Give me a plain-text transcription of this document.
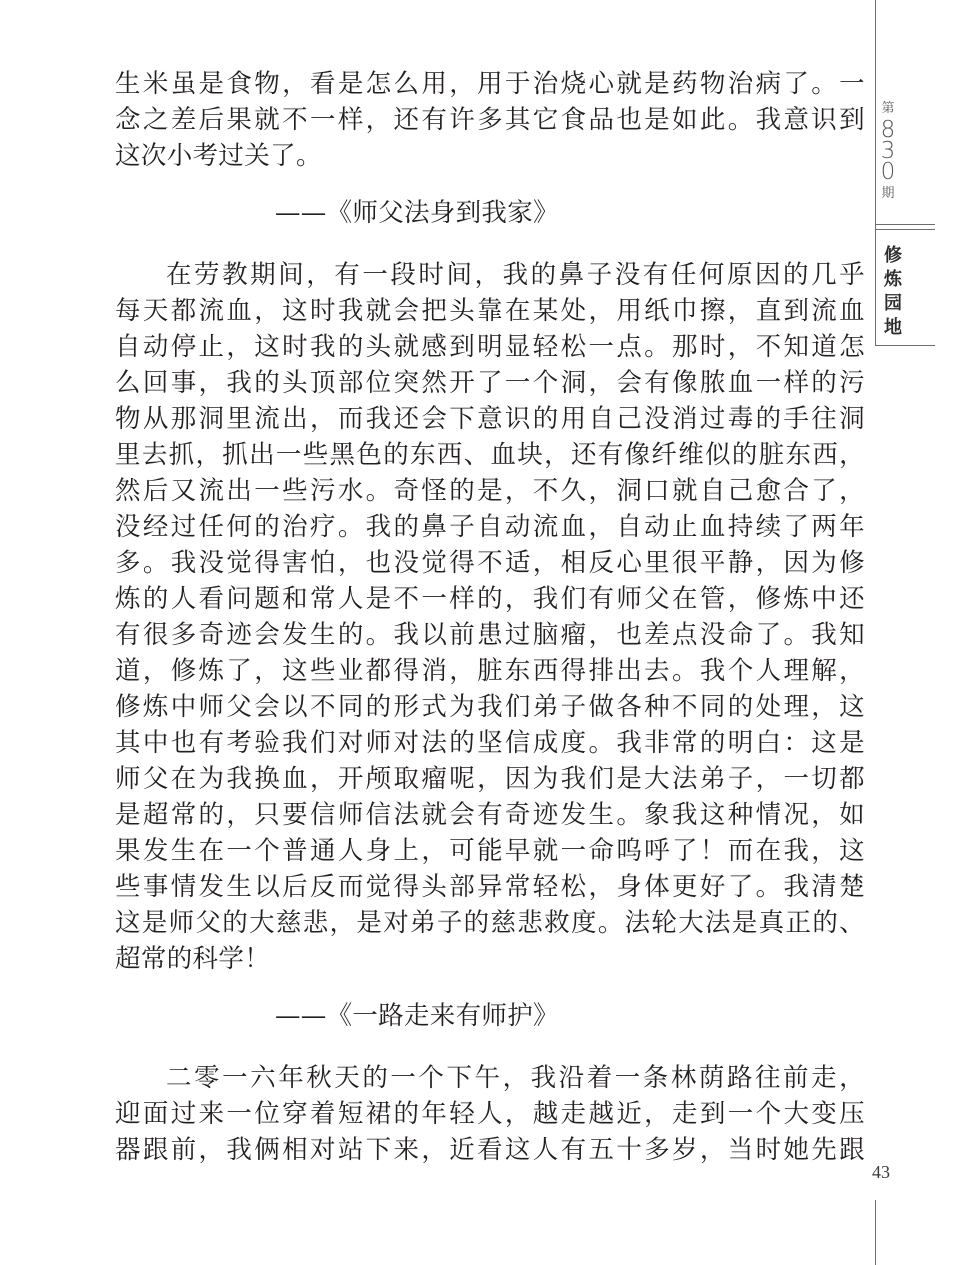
生米虽是食物，看是怎么用，用于治烧心就是药物治病了。一
念之差后果就不一样，还有许多其它食品也是如此。我意识到
这次小考过关了。
——《师父法身到我家》
在劳教期间，有一段时间，我的鼻子没有任何原因的几乎
每天都流血，这时我就会把头靠在某处，用纸巾擦，直到流血
自动停止，这时我的头就感到明显轻松一点。那时，不知道怎
么回事，我的头顶部位突然开了一个洞，会有像脓血一样的污
物从那洞里流出，而我还会下意识的用自己没消过毒的手往洞
里去抓，抓出一些黑色的东西、血块，还有像纤维似的脏东西，
然后又流出一些污水。奇怪的是，不久，洞口就自己愈合了，
没经过任何的治疗。我的鼻子自动流血，自动止血持续了两年
多。我没觉得害怕，也没觉得不适，相反心里很平静，因为修
炼的人看问题和常人是不一样的，我们有师父在管，修炼中还
有很多奇迹会发生的。我以前患过脑瘤，也差点没命了。我知
道，修炼了，这些业都得消，脏东西得排出去。我个人理解，
修炼中师父会以不同的形式为我们弟子做各种不同的处理，这
其中也有考验我们对师对法的坚信成度。我非常的明白：这是
师父在为我换血，开颅取瘤呢，因为我们是大法弟子，一切都
是超常的，只要信师信法就会有奇迹发生。象我这种情况，如
果发生在一个普通人身上，可能早就一命呜呼了！而在我，这
些事情发生以后反而觉得头部异常轻松，身体更好了。我清楚
这是师父的大慈悲，是对弟子的慈悲救度。法轮大法是真正的、
超常的科学！
——《一路走来有师护》
二零一六年秋天的一个下午，我沿着一条林荫路往前走，
迎面过来一位穿着短裙的年轻人，越走越近，走到一个大变压
器跟前，我俩相对站下来，近看这人有五十多岁，当时她先跟
第
830
期
修炼园地
43
